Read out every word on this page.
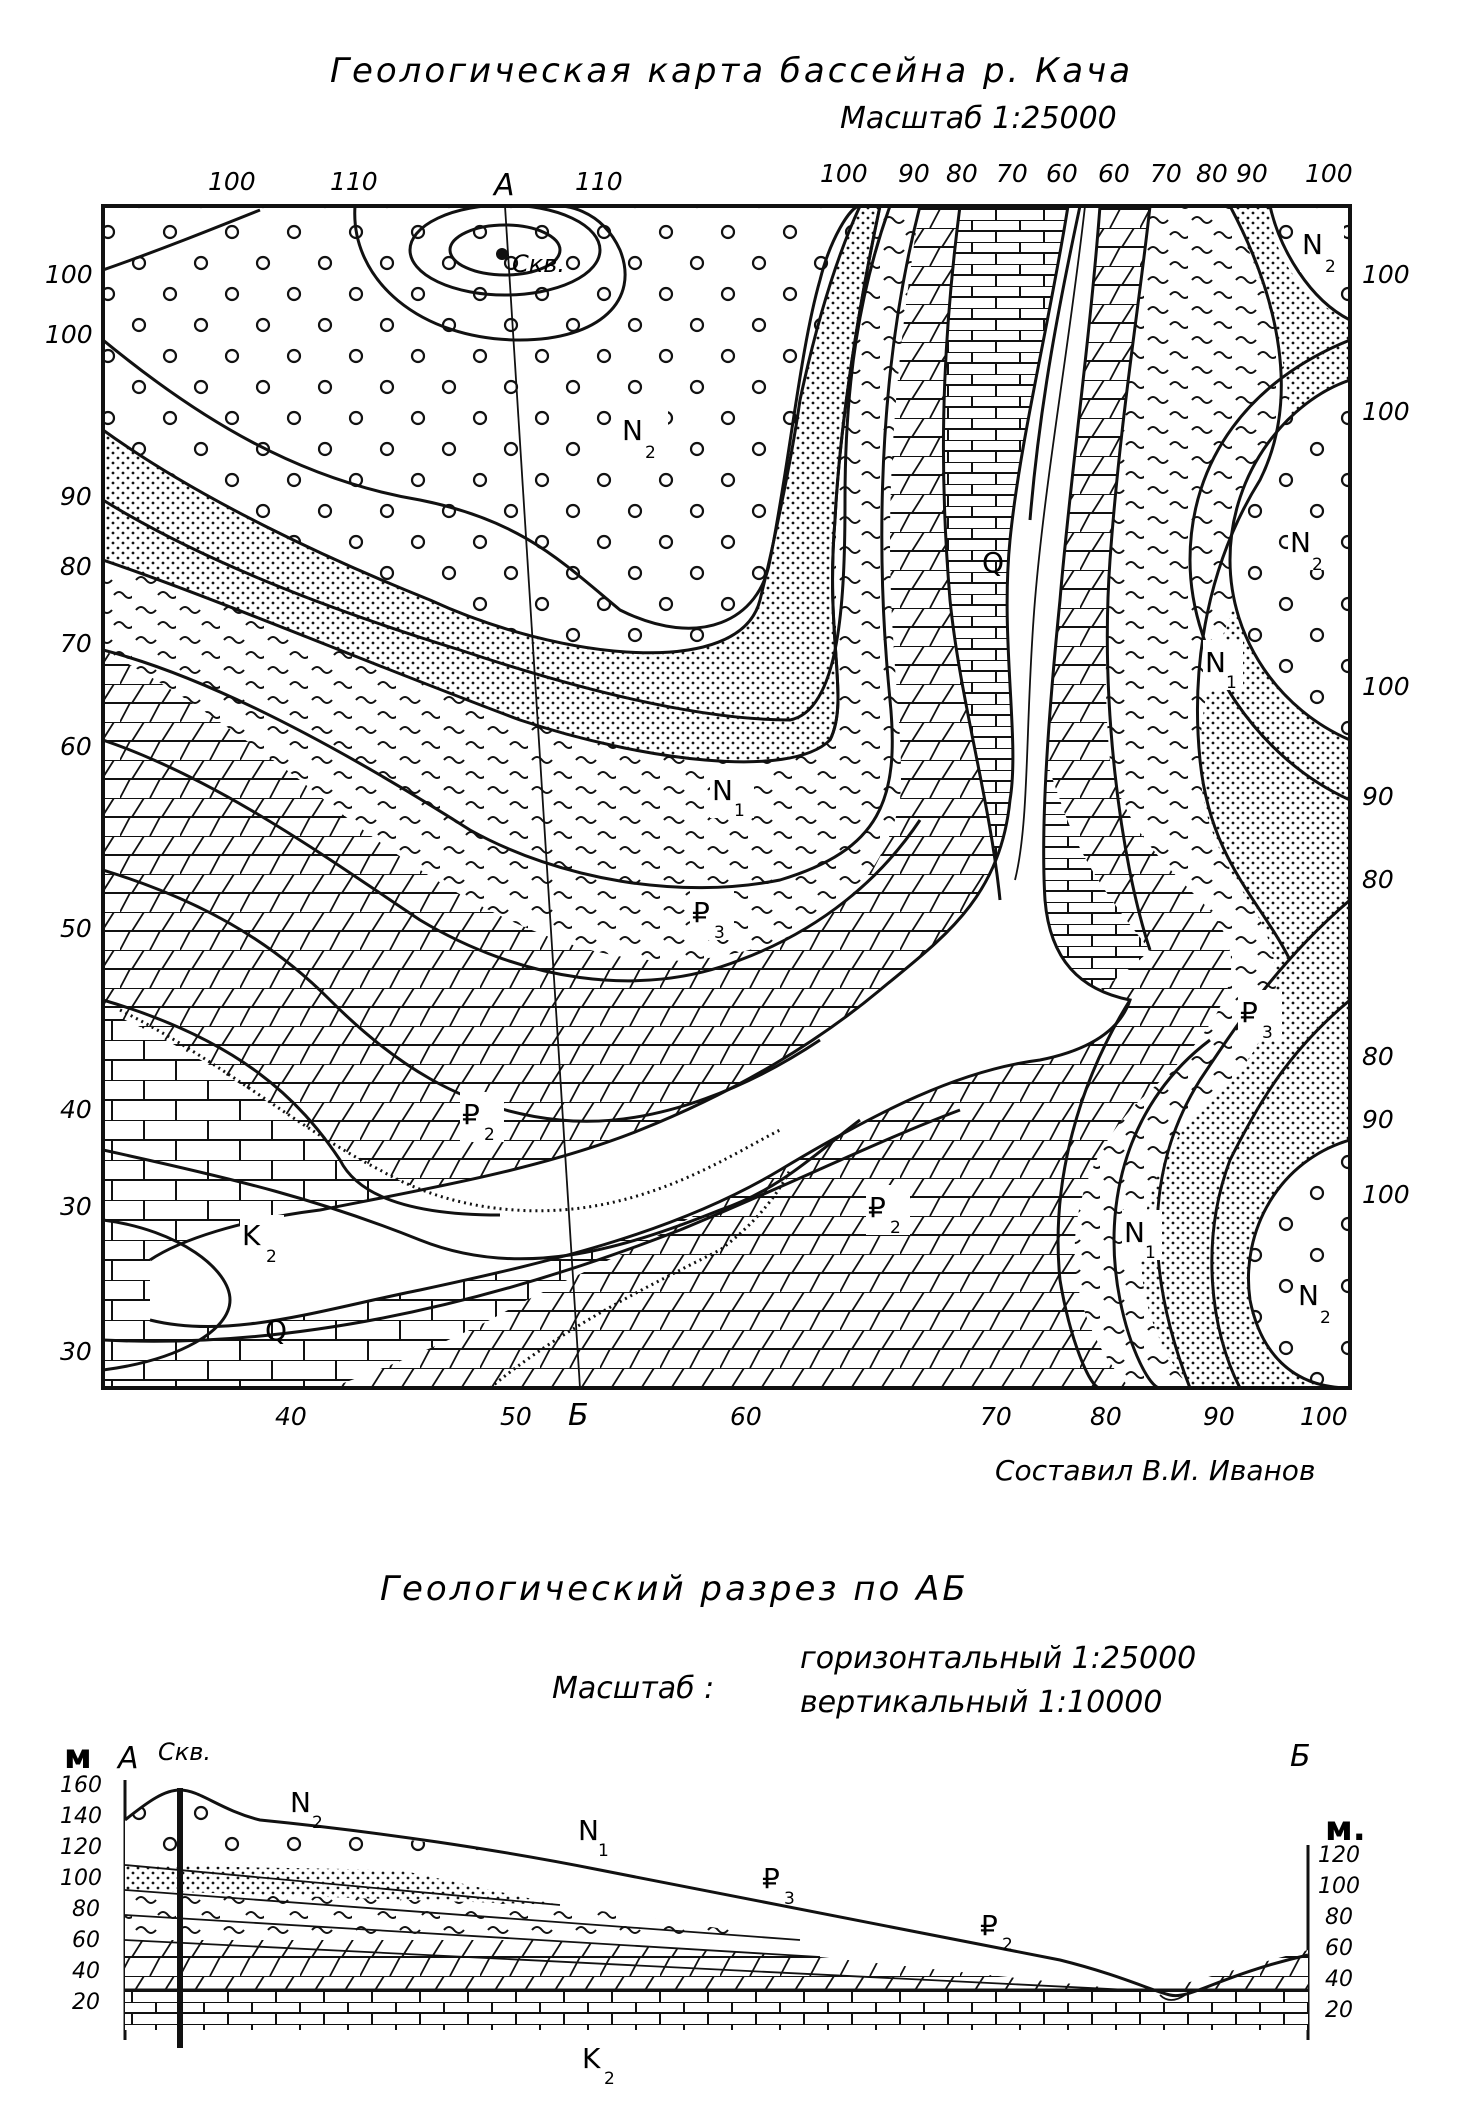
Геологическая карта бассейна р. Кача
Масштаб 1:25000
Скв.
А
Б
100	110	110	100 90 80 70 60 60 70 80 90 100
100
100
90
80
70
60
50
40
30
30
100
100
100
90
80
80
90
100
40	50	60	70	80	90	100
N
2
N
2
N
2
N
2
N
1
N
1
N
1
₽
3
₽
3
₽
2
₽
2
K
2
Q
Q
Составил В.И. Иванов
Геологический разрез по АБ
Масштаб :
горизонтальный 1:25000
вертикальный 1:10000
м А	Б
м.
Скв.
N
2	N
1
₽
3
₽
2
K
2
160
140
120
100
80
60
40
20
120
100
80
60
40
20
